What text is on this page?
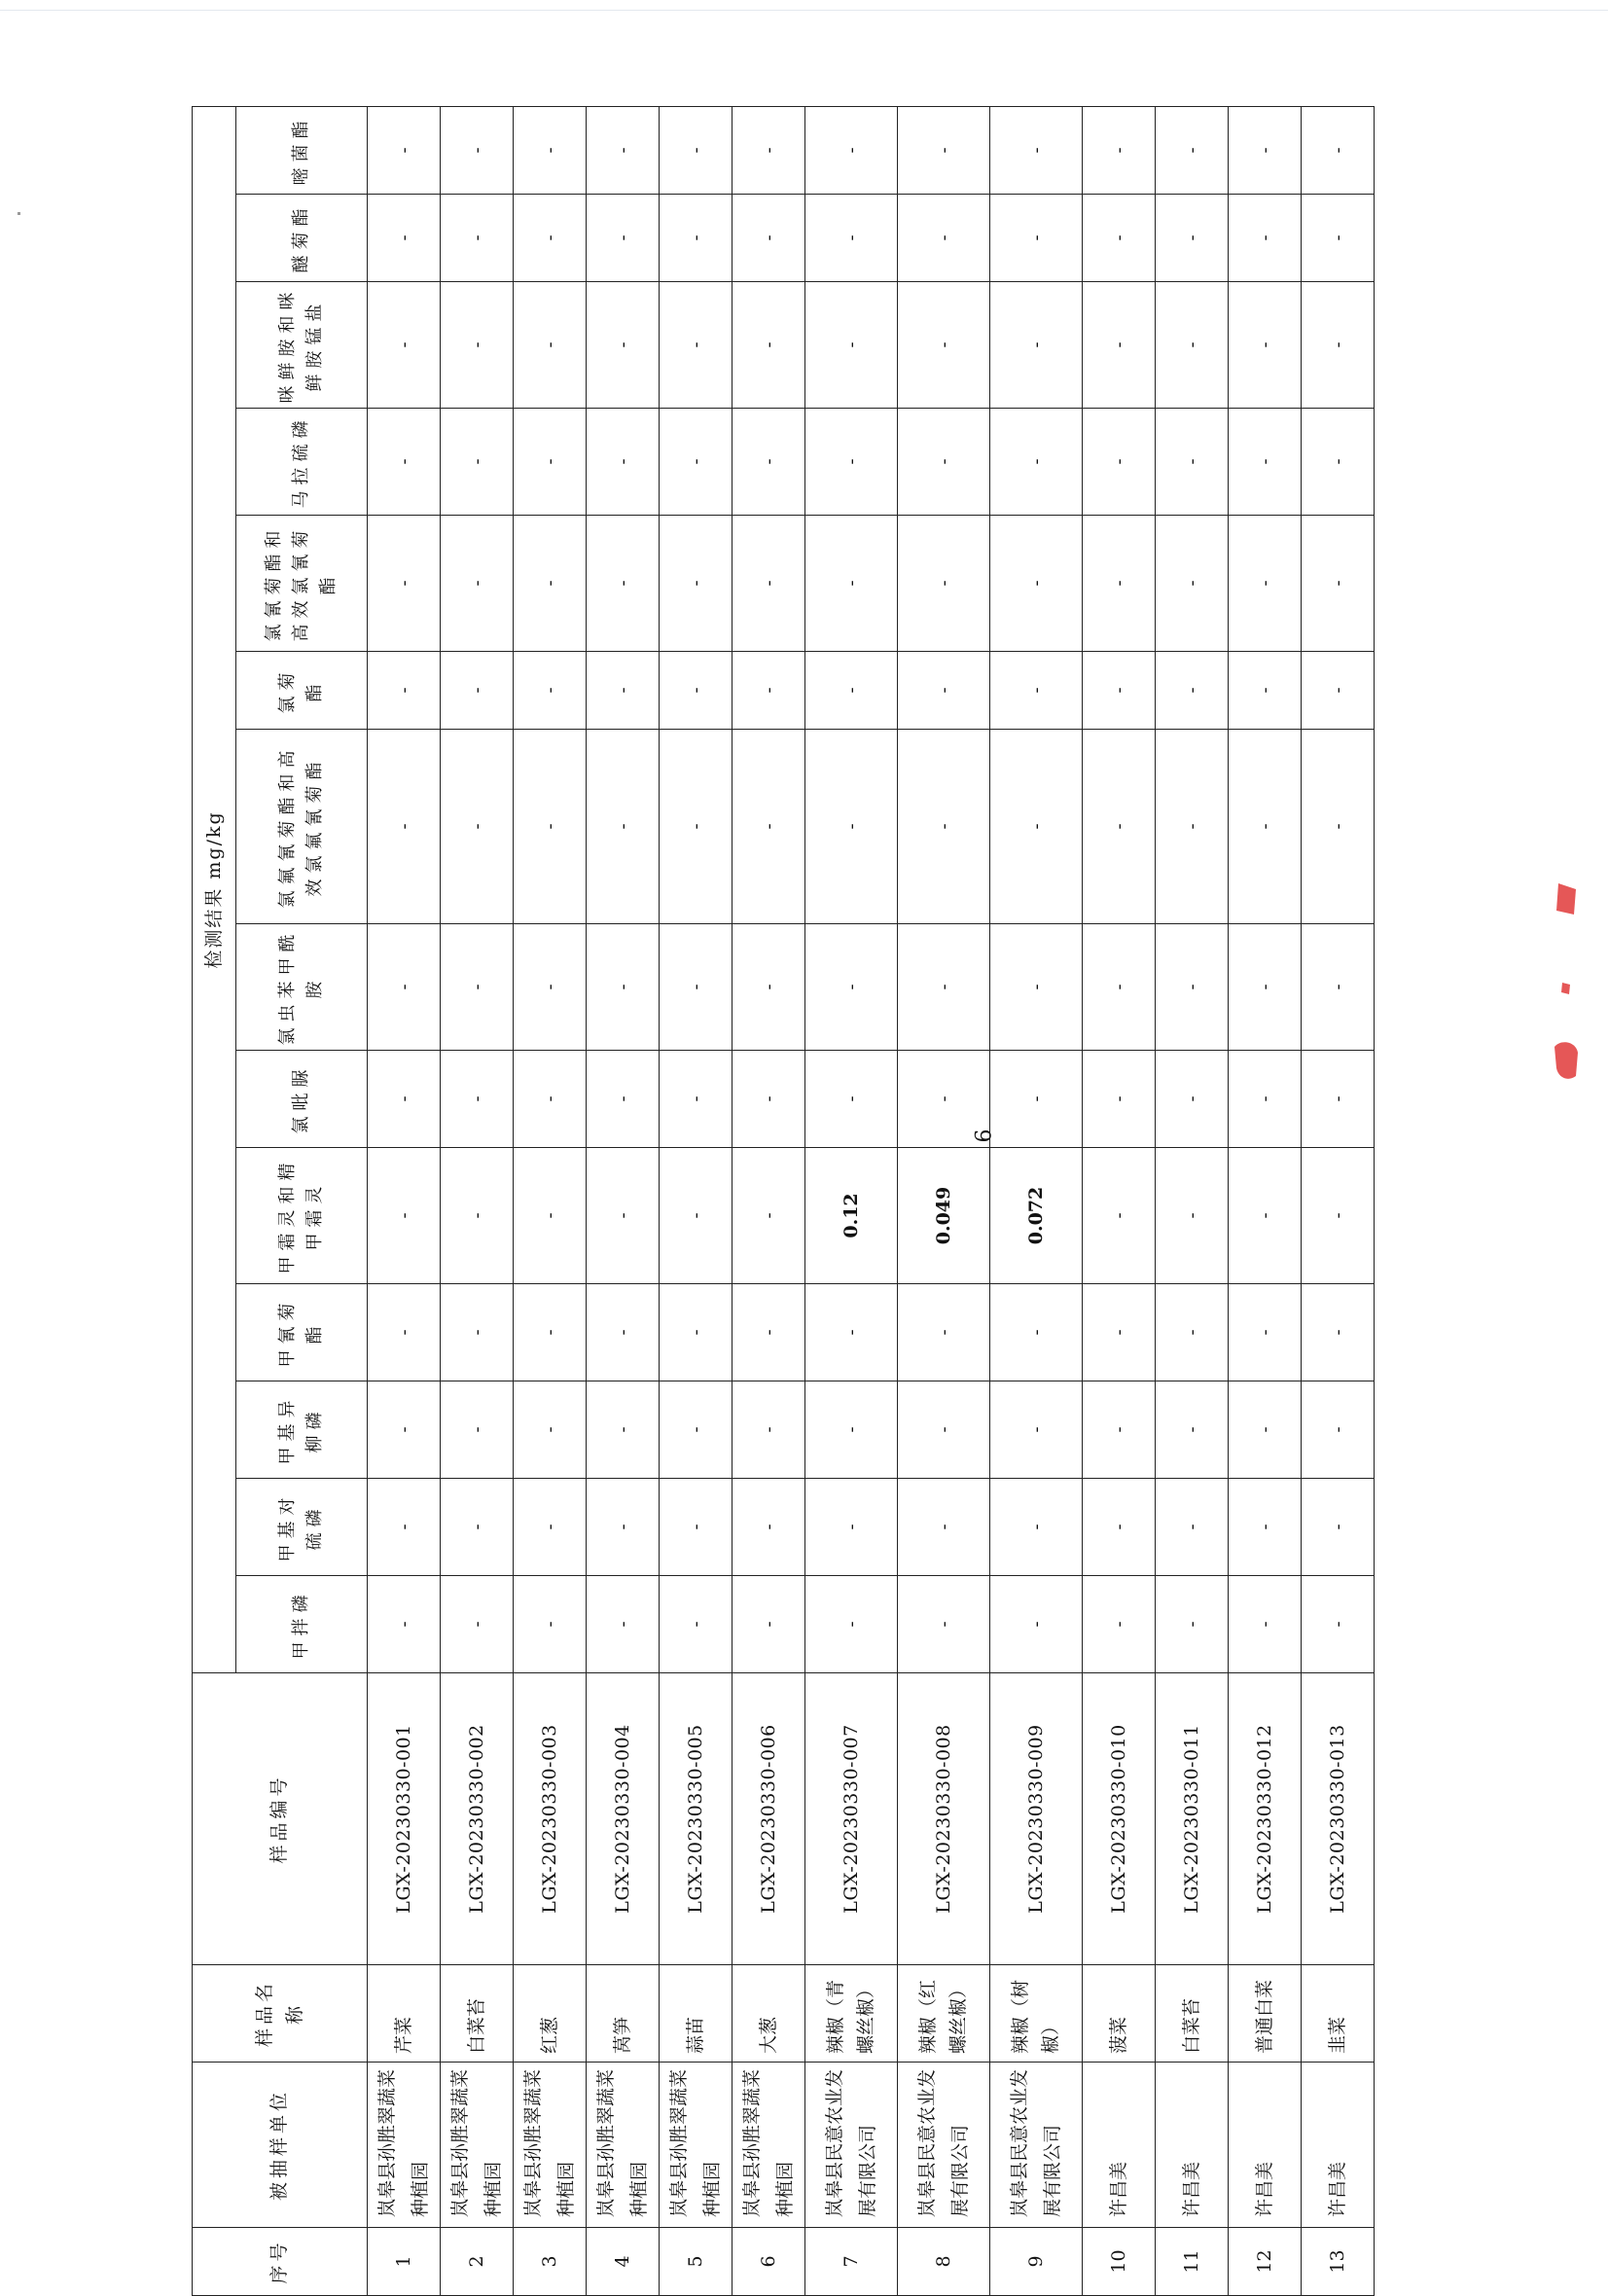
序号	被抽样单位	样品名称	样品编号	检测结果 mg/kg													
				甲拌磷	甲基对硫磷	甲基异柳磷	甲氰菊酯	甲霜灵和精甲霜灵	氯吡脲	氯虫苯甲酰胺	氯氟氰菊酯和高效氯氟氰菊酯	氯菊酯	氯氰菊酯和高效氯氰菊酯	马拉硫磷	咪鲜胺和咪鲜胺锰盐	醚菊酯	嘧菌酯
1	岚皋县孙胜翠蔬菜种植园	芹菜	LGX-20230330-001	-	-	-	-	-	-	-	-	-	-	-	-	-	-
2	岚皋县孙胜翠蔬菜种植园	白菜苔	LGX-20230330-002	-	-	-	-	-	-	-	-	-	-	-	-	-	-
3	岚皋县孙胜翠蔬菜种植园	红葱	LGX-20230330-003	-	-	-	-	-	-	-	-	-	-	-	-	-	-
4	岚皋县孙胜翠蔬菜种植园	莴笋	LGX-20230330-004	-	-	-	-	-	-	-	-	-	-	-	-	-	-
5	岚皋县孙胜翠蔬菜种植园	蒜苗	LGX-20230330-005	-	-	-	-	-	-	-	-	-	-	-	-	-	-
6	岚皋县孙胜翠蔬菜种植园	大葱	LGX-20230330-006	-	-	-	-	-	-	-	-	-	-	-	-	-	-
7	岚皋县民意农业发展有限公司	辣椒（青螺丝椒）	LGX-20230330-007	-	-	-	-	0.12	-	-	-	-	-	-	-	-	-
8	岚皋县民意农业发展有限公司	辣椒（红螺丝椒）	LGX-20230330-008	-	-	-	-	0.049	-	-	-	-	-	-	-	-	-
9	岚皋县民意农业发展有限公司	辣椒（树椒）	LGX-20230330-009	-	-	-	-	0.072	-	-	-	-	-	-	-	-	-
10	许昌美	菠菜	LGX-20230330-010	-	-	-	-	-	-	-	-	-	-	-	-	-	-
11	许昌美	白菜苔	LGX-20230330-011	-	-	-	-	-	-	-	-	-	-	-	-	-	-
12	许昌美	普通白菜	LGX-20230330-012	-	-	-	-	-	-	-	-	-	-	-	-	-	-
13	许昌美	韭菜	LGX-20230330-013	-	-	-	-	-	-	-	-	-	-	-	-	-	-
6
